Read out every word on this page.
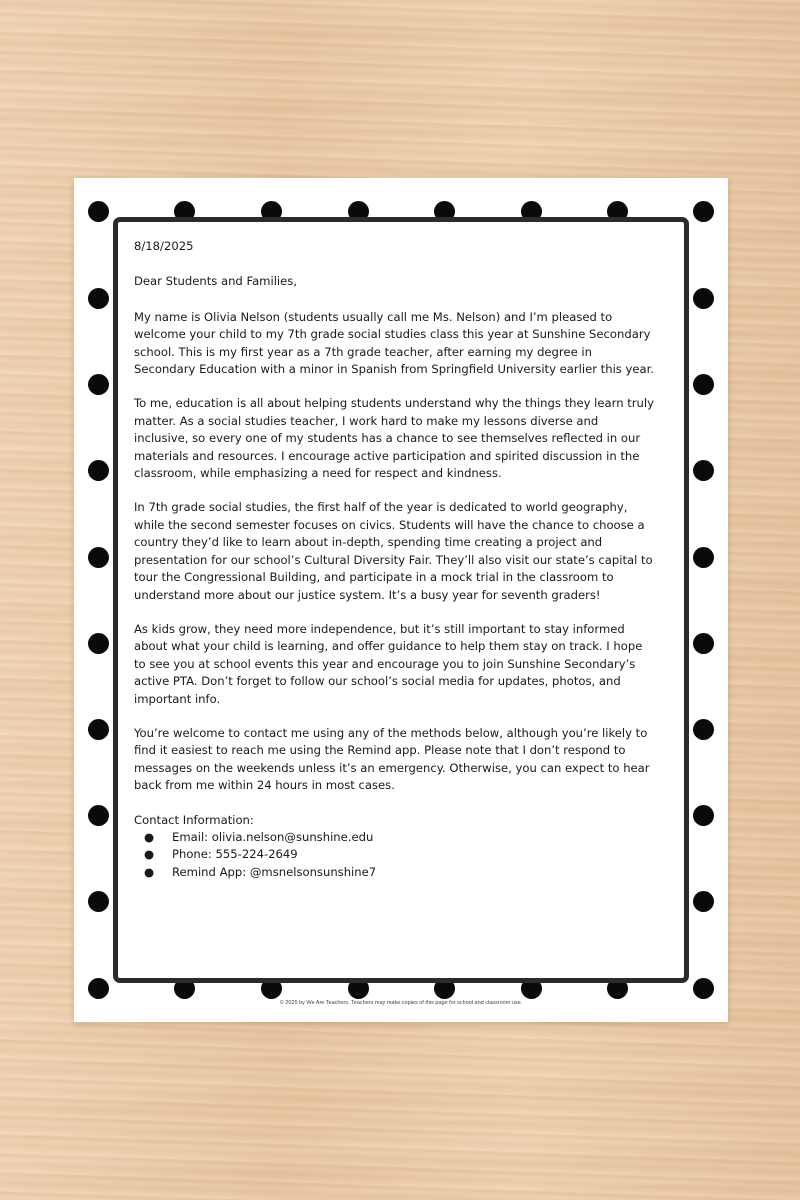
8/18/2025

Dear Students and Families,

My name is Olivia Nelson (students usually call me Ms. Nelson) and I’m pleased to welcome your child to my 7th grade social studies class this year at Sunshine Secondary school. This is my first year as a 7th grade teacher, after earning my degree in Secondary Education with a minor in Spanish from Springfield University earlier this year.

To me, education is all about helping students understand why the things they learn truly matter. As a social studies teacher, I work hard to make my lessons diverse and inclusive, so every one of my students has a chance to see themselves reflected in our materials and resources. I encourage active participation and spirited discussion in the classroom, while emphasizing a need for respect and kindness.

In 7th grade social studies, the first half of the year is dedicated to world geography, while the second semester focuses on civics. Students will have the chance to choose a country they’d like to learn about in-depth, spending time creating a project and presentation for our school’s Cultural Diversity Fair. They’ll also visit our state’s capital to tour the Congressional Building, and participate in a mock trial in the classroom to understand more about our justice system. It’s a busy year for seventh graders!

As kids grow, they need more independence, but it’s still important to stay informed about what your child is learning, and offer guidance to help them stay on track. I hope to see you at school events this year and encourage you to join Sunshine Secondary’s active PTA. Don’t forget to follow our school’s social media for updates, photos, and important info.

You’re welcome to contact me using any of the methods below, although you’re likely to find it easiest to reach me using the Remind app. Please note that I don’t respond to messages on the weekends unless it’s an emergency. Otherwise, you can expect to hear back from me within 24 hours in most cases.

Contact Information:

● Email: olivia.nelson@sunshine.edu
● Phone: 555-224-2649
● Remind App: @msnelsonsunshine7
© 2025 by We Are Teachers. Teachers may make copies of this page for school and classroom use.
